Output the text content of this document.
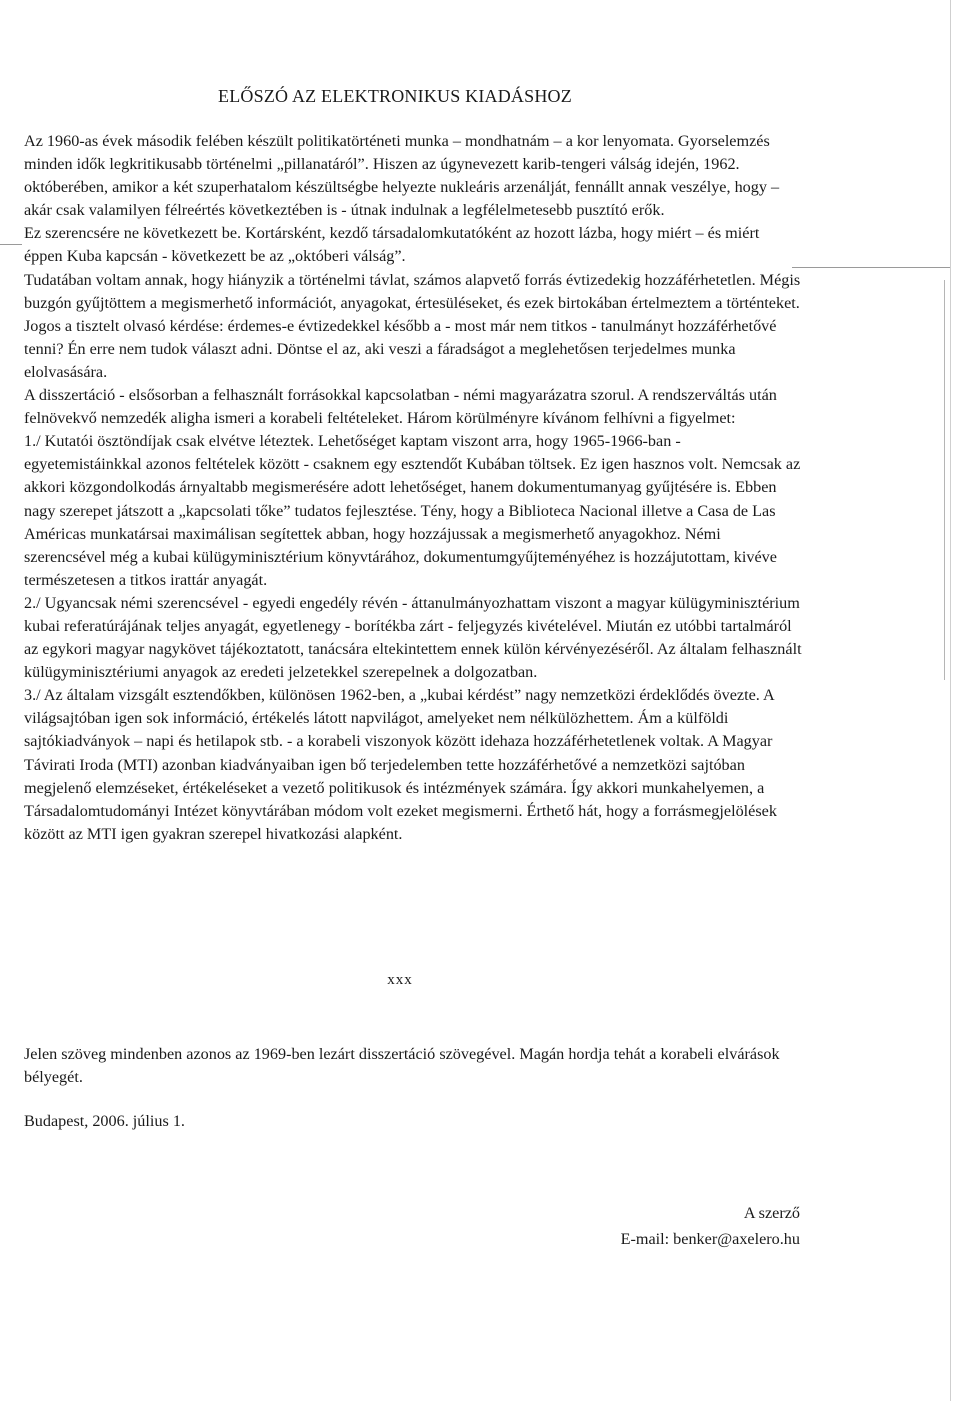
ELŐSZÓ AZ ELEKTRONIKUS KIADÁSHOZ

Az 1960-as évek második felében készült politikatörténeti munka – mondhatnám – a kor lenyomata. Gyorselemzés minden idők legkritikusabb történelmi „pillanatáról”. Hiszen az úgynevezett karib-tengeri válság idején, 1962. októberében, amikor a két szuperhatalom készültségbe helyezte nukleáris arzenálját, fennállt annak veszélye, hogy – akár csak valamilyen félreértés következtében is - útnak indulnak a legfélelmetesebb pusztító erők.

Ez szerencsére ne következett be. Kortársként, kezdő társadalomkutatóként az hozott lázba, hogy miért – és miért éppen Kuba kapcsán - következett be az „októberi válság”.

Tudatában voltam annak, hogy hiányzik a történelmi távlat, számos alapvető forrás évtizedekig hozzáférhetetlen. Mégis buzgón gyűjtöttem a megismerhető információt, anyagokat, értesüléseket, és ezek birtokában értelmeztem a történteket.

Jogos a tisztelt olvasó kérdése: érdemes-e évtizedekkel később a - most már nem titkos - tanulmányt hozzáférhetővé tenni? Én erre nem tudok választ adni. Döntse el az, aki veszi a fáradságot a meglehetősen terjedelmes munka elolvasására.

A disszertáció - elsősorban a felhasznált forrásokkal kapcsolatban - némi magyarázatra szorul. A rendszerváltás után felnövekvő nemzedék aligha ismeri a korabeli feltételeket. Három körülményre kívánom felhívni a figyelmet:

1./ Kutatói ösztöndíjak csak elvétve léteztek. Lehetőséget kaptam viszont arra, hogy 1965-1966-ban - egyetemistáinkkal azonos feltételek között - csaknem egy esztendőt Kubában töltsek. Ez igen hasznos volt. Nemcsak az akkori közgondolkodás árnyaltabb megismerésére adott lehetőséget, hanem dokumentumanyag gyűjtésére is. Ebben nagy szerepet játszott a „kapcsolati tőke” tudatos fejlesztése. Tény, hogy a Biblioteca Nacional illetve a Casa de Las Américas munkatársai maximálisan segítettek abban, hogy hozzájussak a megismerhető anyagokhoz. Némi szerencsével még a kubai külügyminisztérium könyvtárához, dokumentumgyűjteményéhez is hozzájutottam, kivéve természetesen a titkos irattár anyagát.

2./ Ugyancsak némi szerencsével - egyedi engedély révén - áttanulmányozhattam viszont a magyar külügyminisztérium kubai referatúrájának teljes anyagát, egyetlenegy - borítékba zárt - feljegyzés kivételével. Miután ez utóbbi tartalmáról az egykori magyar nagykövet tájékoztatott, tanácsára eltekintettem ennek külön kérvényezéséről. Az általam felhasznált külügyminisztériumi anyagok az eredeti jelzetekkel szerepelnek a dolgozatban.

3./ Az általam vizsgált esztendőkben, különösen 1962-ben, a „kubai kérdést” nagy nemzetközi érdeklődés övezte. A világsajtóban igen sok információ, értékelés látott napvilágot, amelyeket nem nélkülözhettem. Ám a külföldi sajtókiadványok – napi és hetilapok stb. - a korabeli viszonyok között idehaza hozzáférhetetlenek voltak. A Magyar Távirati Iroda (MTI) azonban kiadványaiban igen bő terjedelemben tette hozzáférhetővé a nemzetközi sajtóban megjelenő elemzéseket, értékeléseket a vezető politikusok és intézmények számára. Így akkori munkahelyemen, a Társadalomtudományi Intézet könyvtárában módom volt ezeket megismerni. Érthető hát, hogy a forrásmegjelölések között az MTI igen gyakran szerepel hivatkozási alapként.

xxx

Jelen szöveg mindenben azonos az 1969-ben lezárt disszertáció szövegével. Magán hordja tehát a korabeli elvárások bélyegét.

Budapest, 2006. július 1.
A szerző
E-mail: benker@axelero.hu
